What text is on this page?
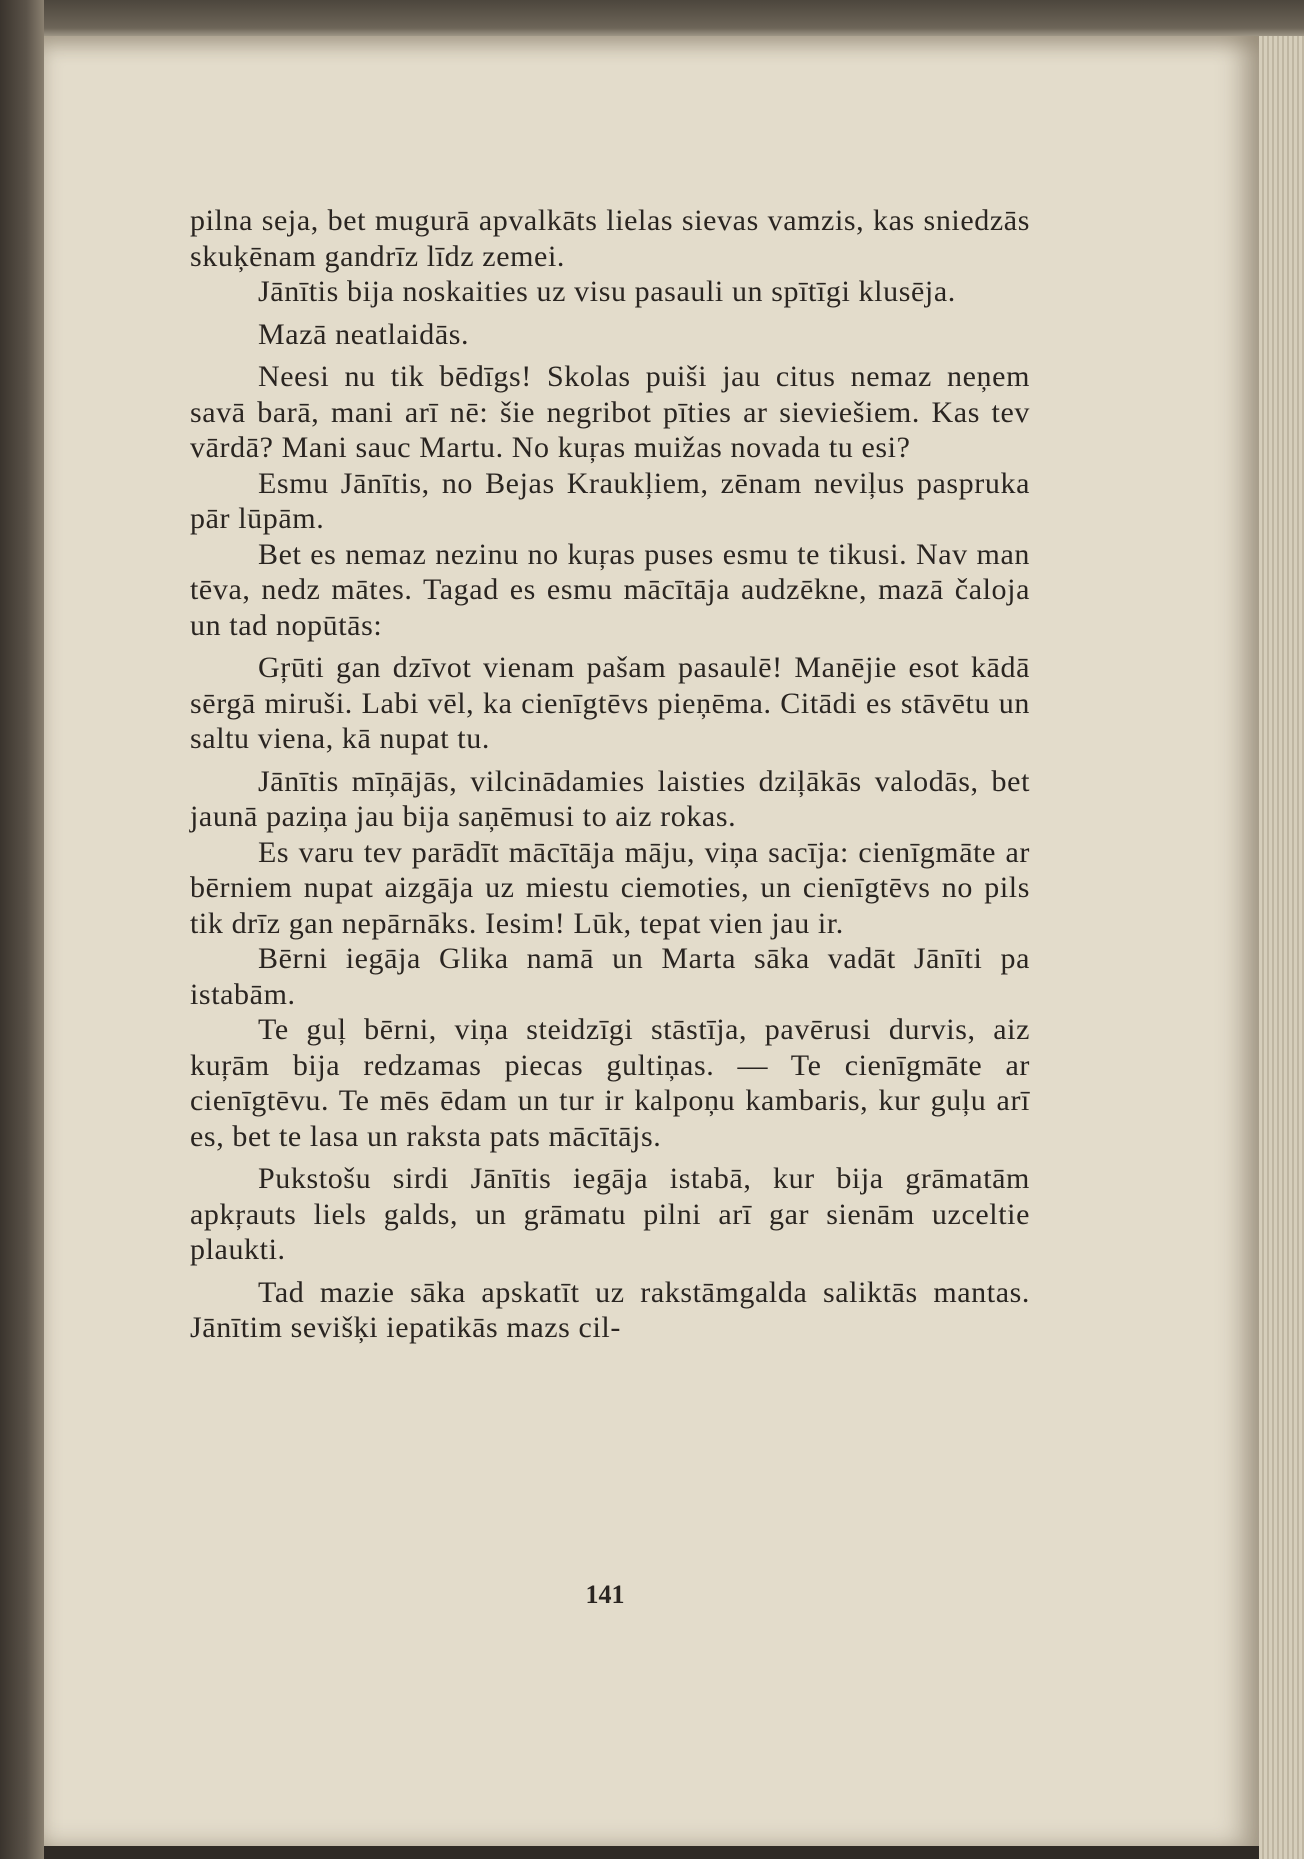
pilna seja, bet mugurā apvalkāts lielas sievas vamzis, kas sniedzās skuķēnam gandrīz līdz zemei.

Jānītis bija noskaities uz visu pasauli un spītīgi klusēja.

Mazā neatlaidās.

Neesi nu tik bēdīgs! Skolas puiši jau citus nemaz neņem savā barā, mani arī nē: šie negribot pīties ar sieviešiem. Kas tev vārdā? Mani sauc Martu. No kuŗas muižas novada tu esi?

Esmu Jānītis, no Bejas Kraukļiem, zēnam neviļus paspruka pār lūpām.

Bet es nemaz nezinu no kuŗas puses esmu te tikusi. Nav man tēva, nedz mātes. Tagad es esmu mācītāja audzēkne, mazā čaloja un tad nopūtās:

Gŗūti gan dzīvot vienam pašam pasaulē! Manējie esot kādā sērgā miruši. Labi vēl, ka cienīgtēvs pieņēma. Citādi es stāvētu un saltu viena, kā nupat tu.

Jānītis mīņājās, vilcinādamies laisties dziļākās valodās, bet jaunā paziņa jau bija saņēmusi to aiz rokas.

Es varu tev parādīt mācītāja māju, viņa sacīja: cienīgmāte ar bērniem nupat aizgāja uz miestu ciemoties, un cienīgtēvs no pils tik drīz gan nepārnāks. Iesim! Lūk, tepat vien jau ir.

Bērni iegāja Glika namā un Marta sāka vadāt Jānīti pa istabām.

Te guļ bērni, viņa steidzīgi stāstīja, pavērusi durvis, aiz kuŗām bija redzamas piecas gultiņas. — Te cienīgmāte ar cienīgtēvu. Te mēs ēdam un tur ir kalpoņu kambaris, kur guļu arī es, bet te lasa un raksta pats mācītājs.

Pukstošu sirdi Jānītis iegāja istabā, kur bija grāmatām apkŗauts liels galds, un grāmatu pilni arī gar sienām uzceltie plaukti.

Tad mazie sāka apskatīt uz rakstāmgalda salikt​ās mantas. Jānītim sevišķi iepatikās mazs cil-

141
